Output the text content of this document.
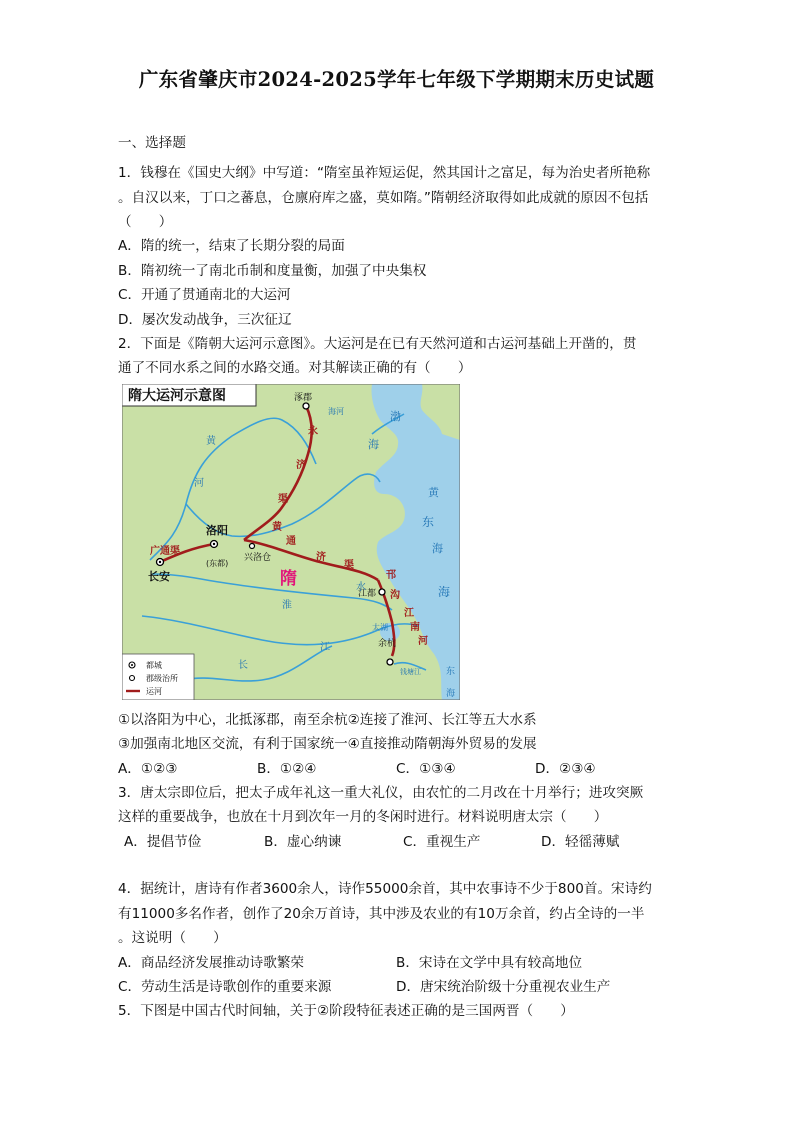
广东省肇庆市2024-2025学年七年级下学期期末历史试题
一、选择题
1．钱穆在《国史大纲》中写道：“隋室虽祚短运促，然其国计之富足，每为治史者所艳称
。自汉以来，丁口之蕃息，仓廪府库之盛，莫如隋。”隋朝经济取得如此成就的原因不包括
（　　）
A．隋的统一，结束了长期分裂的局面
B．隋初统一了南北币制和度量衡，加强了中央集权
C．开通了贯通南北的大运河
D．屡次发动战争，三次征辽
2．下面是《隋朝大运河示意图》。大运河是在已有天然河道和古运河基础上开凿的，贯
通了不同水系之间的水路交通。对其解读正确的有（　　）
隋大运河示意图	涿郡
洛阳
(东都)
兴洛仓
长安
江都
余杭
渤
海
黄
海
东
海
东
海
海河
黄
河
淮
水
长
江
太湖
钱塘江
永
济
渠
通
济
渠
广通渠
邗
沟
江
南
河
黄
隋
都城
郡级治所
运河
①以洛阳为中心，北抵涿郡，南至余杭②连接了淮河、长江等五大水系
③加强南北地区交流，有利于国家统一④直接推动隋朝海外贸易的发展
A．①②③	B．①②④	C．①③④	D．②③④
3．唐太宗即位后，把太子成年礼这一重大礼仪，由农忙的二月改在十月举行；进攻突厥
这样的重要战争，也放在十月到次年一月的冬闲时进行。材料说明唐太宗（　　）
A．提倡节俭	B．虚心纳谏	C．重视生产	D．轻徭薄赋
4．据统计，唐诗有作者3600余人，诗作55000余首，其中农事诗不少于800首。宋诗约
有11000多名作者，创作了20余万首诗，其中涉及农业的有10万余首，约占全诗的一半
。这说明（　　）
A．商品经济发展推动诗歌繁荣	B．宋诗在文学中具有较高地位
C．劳动生活是诗歌创作的重要来源	D．唐宋统治阶级十分重视农业生产
5．下图是中国古代时间轴，关于②阶段特征表述正确的是三国两晋（　　）
